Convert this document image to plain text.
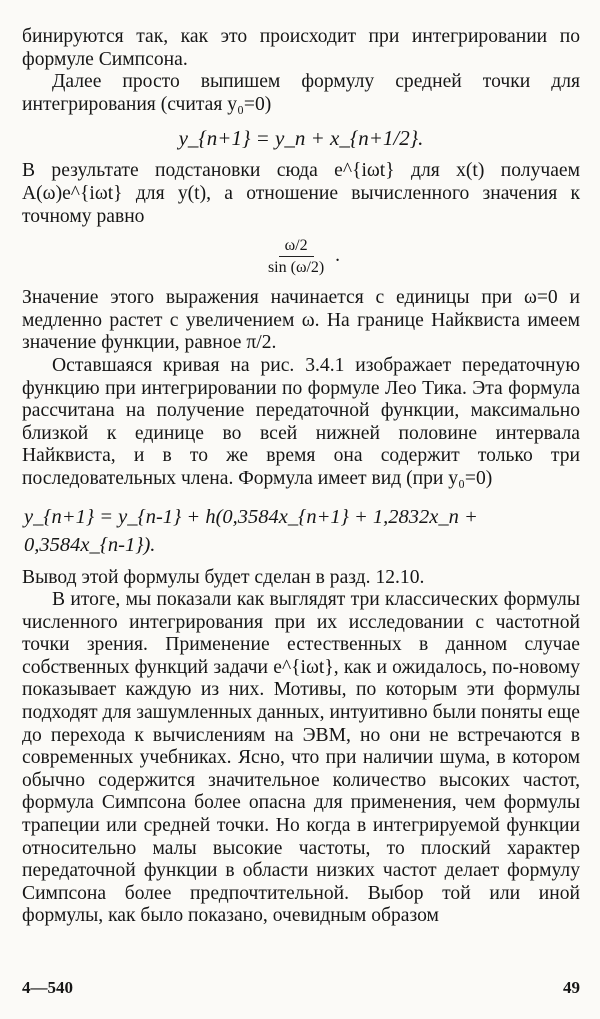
бинируются так, как это происходит при интегрировании по формуле Симпсона.

Далее просто выпишем формулу средней точки для интегрирования (считая y₀=0)

y_{n+1} = y_n + x_{n+1/2}.

В результате подстановки сюда e^{iωt} для x(t) получаем A(ω)e^{iωt} для y(t), а отношение вычисленного значения к точному равно

$\frac{\omega/2}{\sin (\omega/2)}$ .

Значение этого выражения начинается с единицы при ω=0 и медленно растет с увеличением ω. На границе Найквиста имеем значение функции, равное π/2.

Оставшаяся кривая на рис. 3.4.1 изображает передаточную функцию при интегрировании по формуле Лео Тика. Эта формула рассчитана на получение передаточной функции, максимально близкой к единице во всей нижней половине интервала Найквиста, и в то же время она содержит только три последовательных члена. Формула имеет вид (при y₀=0)

y_{n+1} = y_{n-1} + h(0,3584x_{n+1} + 1,2832x_n + 0,3584x_{n-1}).

Вывод этой формулы будет сделан в разд. 12.10.

В итоге, мы показали как выглядят три классических формулы численного интегрирования при их исследовании с частотной точки зрения. Применение естественных в данном случае собственных функций задачи e^{iωt}, как и ожидалось, по-новому показывает каждую из них. Мотивы, по которым эти формулы подходят для зашумленных данных, интуитивно были поняты еще до перехода к вычислениям на ЭВМ, но они не встречаются в современных учебниках. Ясно, что при наличии шума, в котором обычно содержится значительное количество высоких частот, формула Симпсона более опасна для применения, чем формулы трапеции или средней точки. Но когда в интегрируемой функции относительно малы высокие частоты, то плоский характер передаточной функции в области низких частот делает формулу Симпсона более предпочтительной. Выбор той или иной формулы, как было показано, очевидным образом

4—540	49
